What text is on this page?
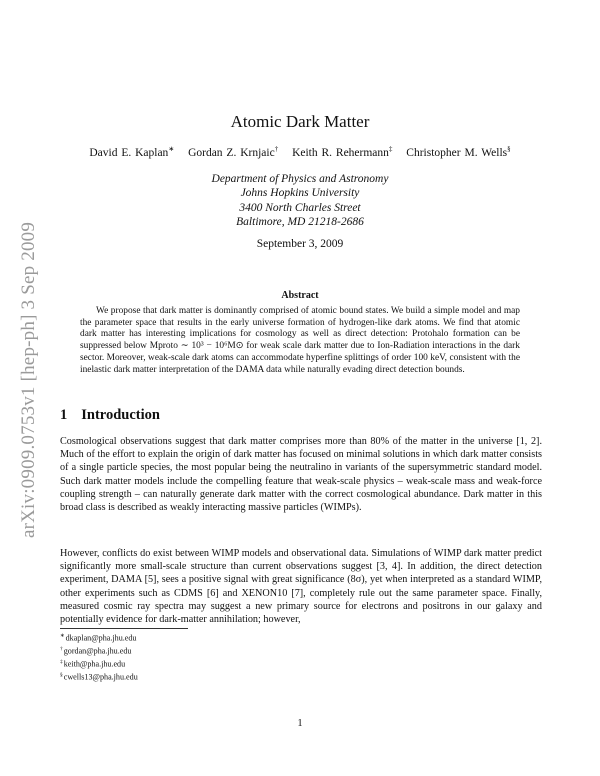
arXiv:0909.0753v1 [hep-ph] 3 Sep 2009
Atomic Dark Matter
David E. Kaplan∗ Gordan Z. Krnjaic† Keith R. Rehermann‡ Christopher M. Wells§
Department of Physics and Astronomy
Johns Hopkins University
3400 North Charles Street
Baltimore, MD 21218-2686
September 3, 2009
Abstract
We propose that dark matter is dominantly comprised of atomic bound states. We build a simple model and map the parameter space that results in the early universe formation of hydrogen-like dark atoms. We find that atomic dark matter has interesting implications for cosmology as well as direct detection: Protohalo formation can be suppressed below Mproto ∼ 10³ − 10⁶M⊙ for weak scale dark matter due to Ion-Radiation interactions in the dark sector. Moreover, weak-scale dark atoms can accommodate hyperfine splittings of order 100 keV, consistent with the inelastic dark matter interpretation of the DAMA data while naturally evading direct detection bounds.
1 Introduction
Cosmological observations suggest that dark matter comprises more than 80% of the matter in the universe [1, 2]. Much of the effort to explain the origin of dark matter has focused on minimal solutions in which dark matter consists of a single particle species, the most popular being the neutralino in variants of the supersymmetric standard model. Such dark matter models include the compelling feature that weak-scale physics – weak-scale mass and weak-force coupling strength – can naturally generate dark matter with the correct cosmological abundance. Dark matter in this broad class is described as weakly interacting massive particles (WIMPs).
However, conflicts do exist between WIMP models and observational data. Simulations of WIMP dark matter predict significantly more small-scale structure than current observations suggest [3, 4]. In addition, the direct detection experiment, DAMA [5], sees a positive signal with great significance (8σ), yet when interpreted as a standard WIMP, other experiments such as CDMS [6] and XENON10 [7], completely rule out the same parameter space. Finally, measured cosmic ray spectra may suggest a new primary source for electrons and positrons in our galaxy and potentially evidence for dark-matter annihilation; however,
∗dkaplan@pha.jhu.edu
†gordan@pha.jhu.edu
‡keith@pha.jhu.edu
§cwells13@pha.jhu.edu
1
